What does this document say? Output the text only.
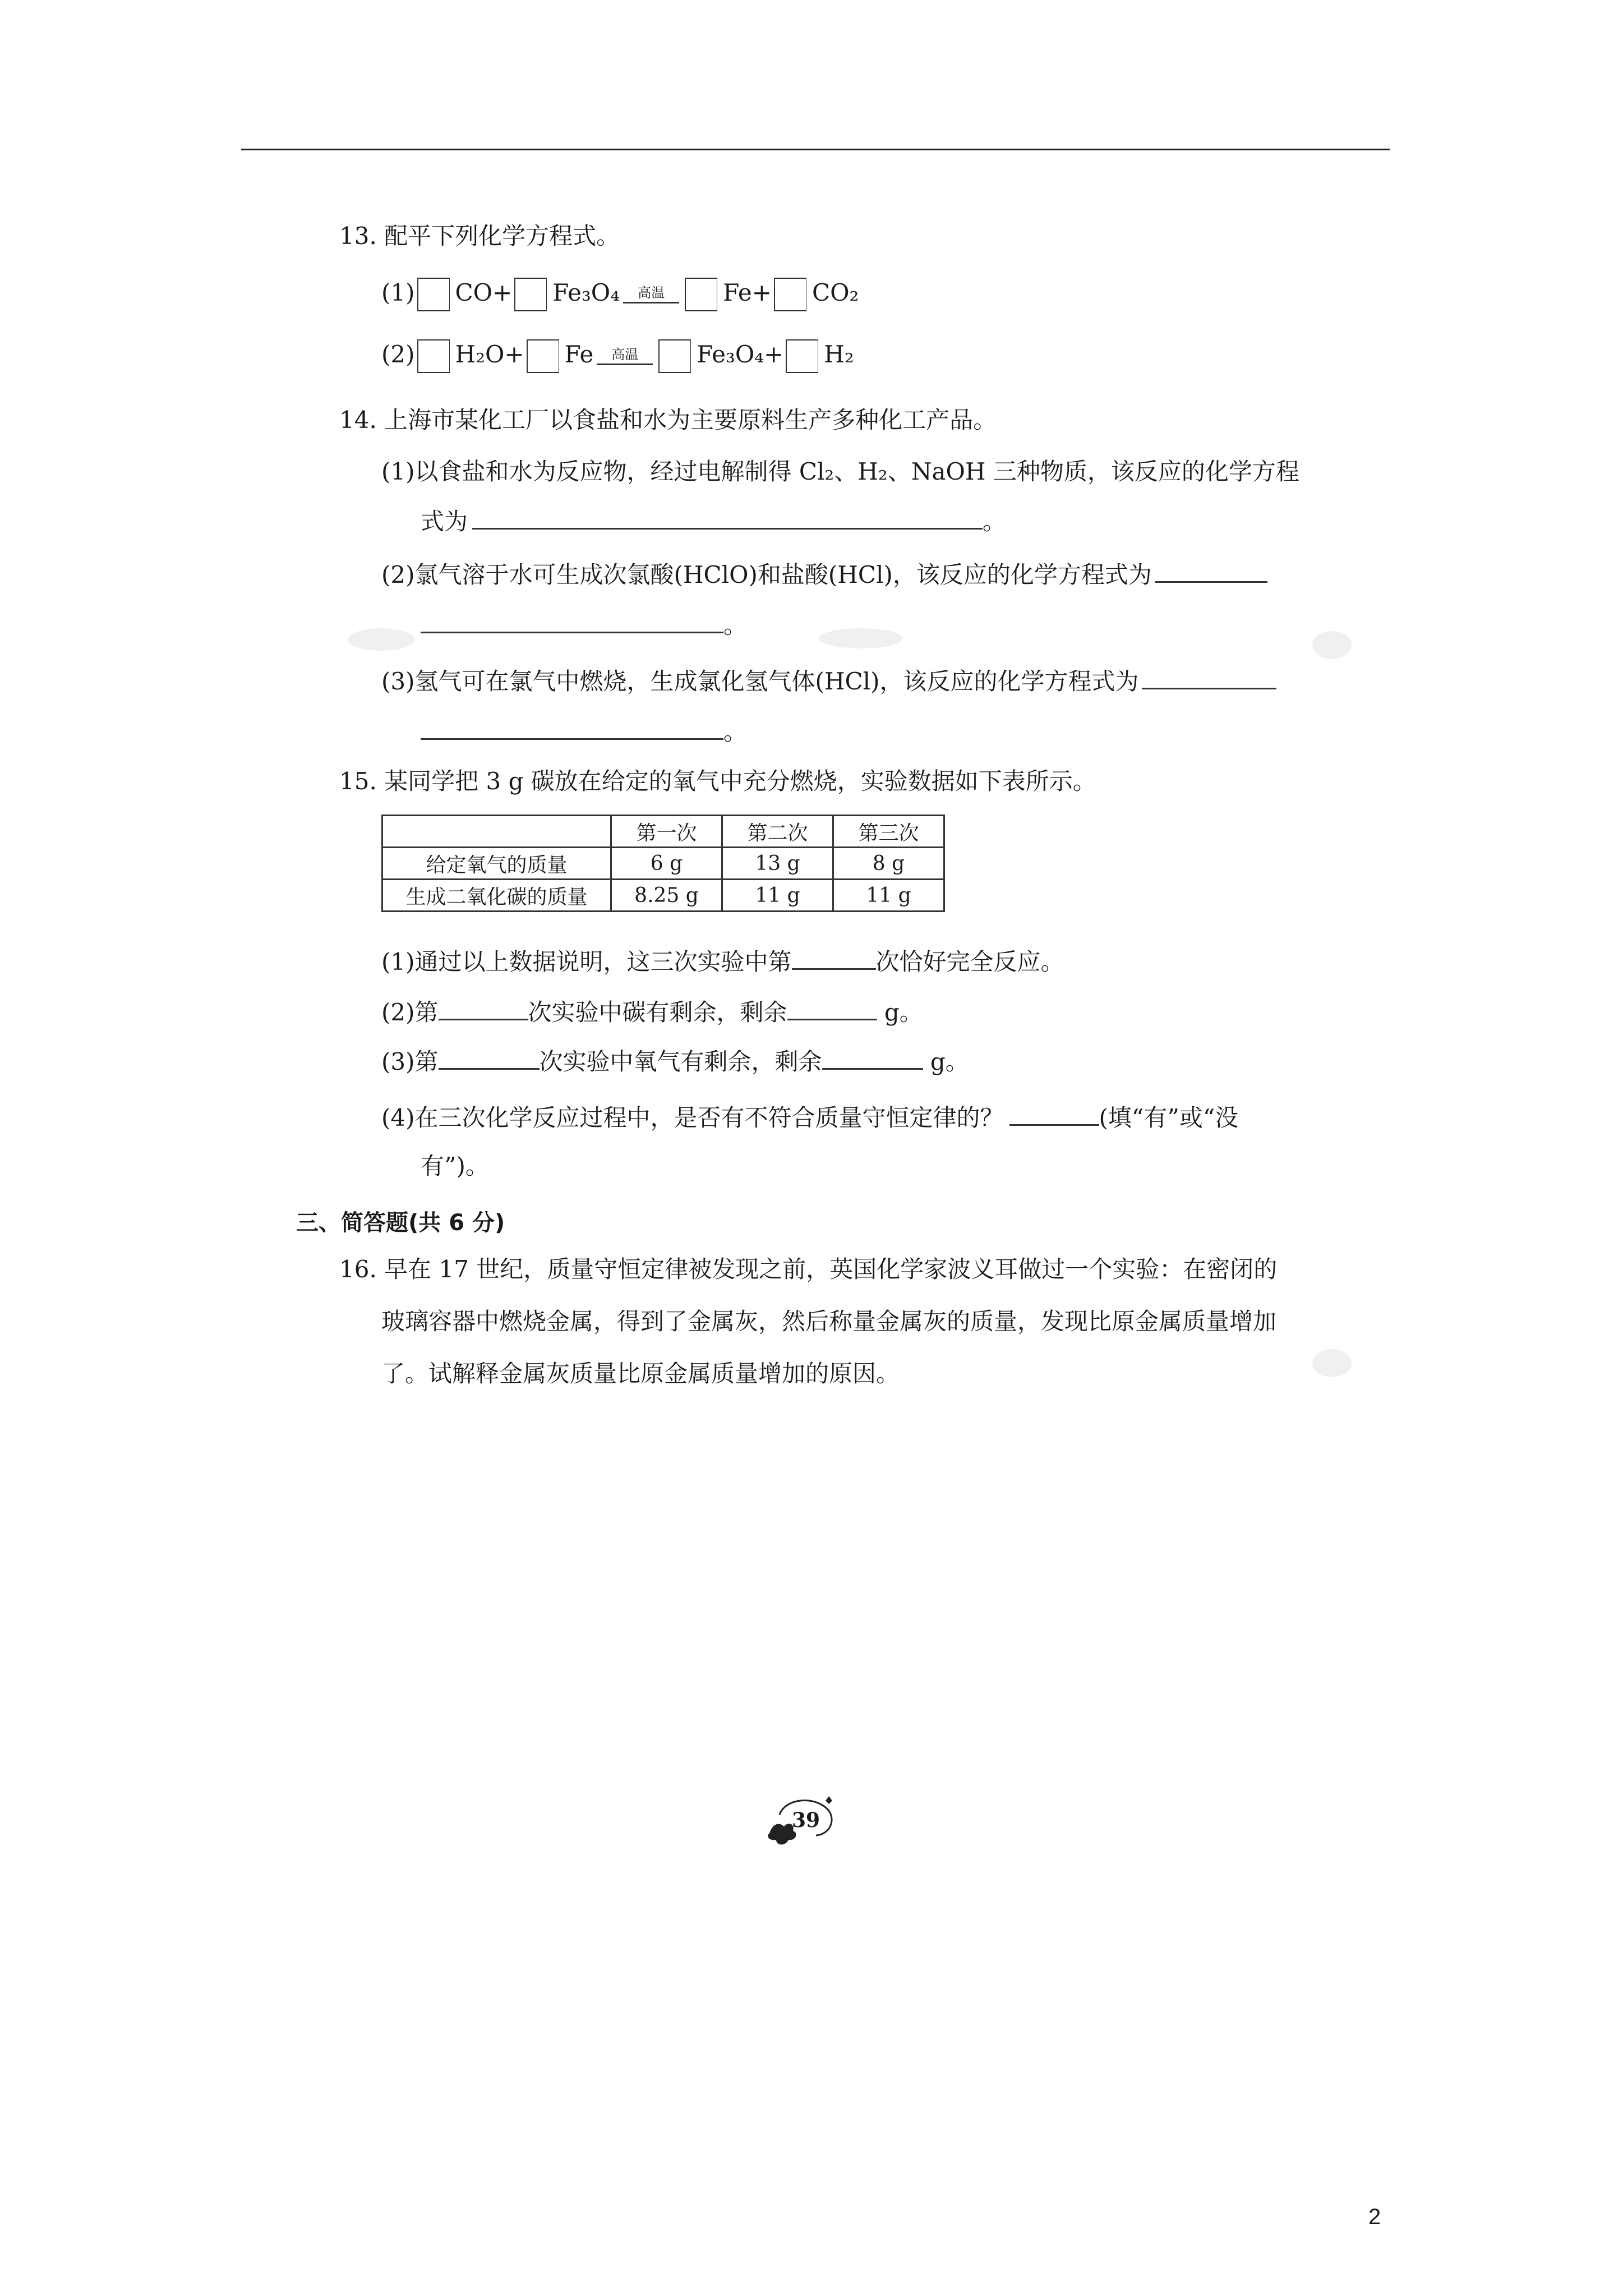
13. 配平下列化学方程式。
(1) CO+ Fe₃O₄	高温	Fe+ CO₂
(2) H₂O+ Fe	高温	Fe₃O₄+ H₂
14. 上海市某化工厂以食盐和水为主要原料生产多种化工产品。
(1)以食盐和水为反应物，经过电解制得 Cl₂、H₂、NaOH 三种物质，该反应的化学方程
式为	。
(2)氯气溶于水可生成次氯酸(HClO)和盐酸(HCl)，该反应的化学方程式为
。
(3)氢气可在氯气中燃烧，生成氯化氢气体(HCl)，该反应的化学方程式为
。
15. 某同学把 3 g 碳放在给定的氧气中充分燃烧，实验数据如下表所示。
	第一次	第二次	第三次
给定氧气的质量	6 g	13 g	8 g
生成二氧化碳的质量	8.25 g	11 g	11 g
(1)通过以上数据说明，这三次实验中第	次恰好完全反应。
(2)第	次实验中碳有剩余，剩余	g。
(3)第	次实验中氧气有剩余，剩余	g。
(4)在三次化学反应过程中，是否有不符合质量守恒定律的？	(填“有”或“没
有”)。
三、简答题(共 6 分)
16. 早在 17 世纪，质量守恒定律被发现之前，英国化学家波义耳做过一个实验：在密闭的
玻璃容器中燃烧金属，得到了金属灰，然后称量金属灰的质量，发现比原金属质量增加
了。试解释金属灰质量比原金属质量增加的原因。
39
2
